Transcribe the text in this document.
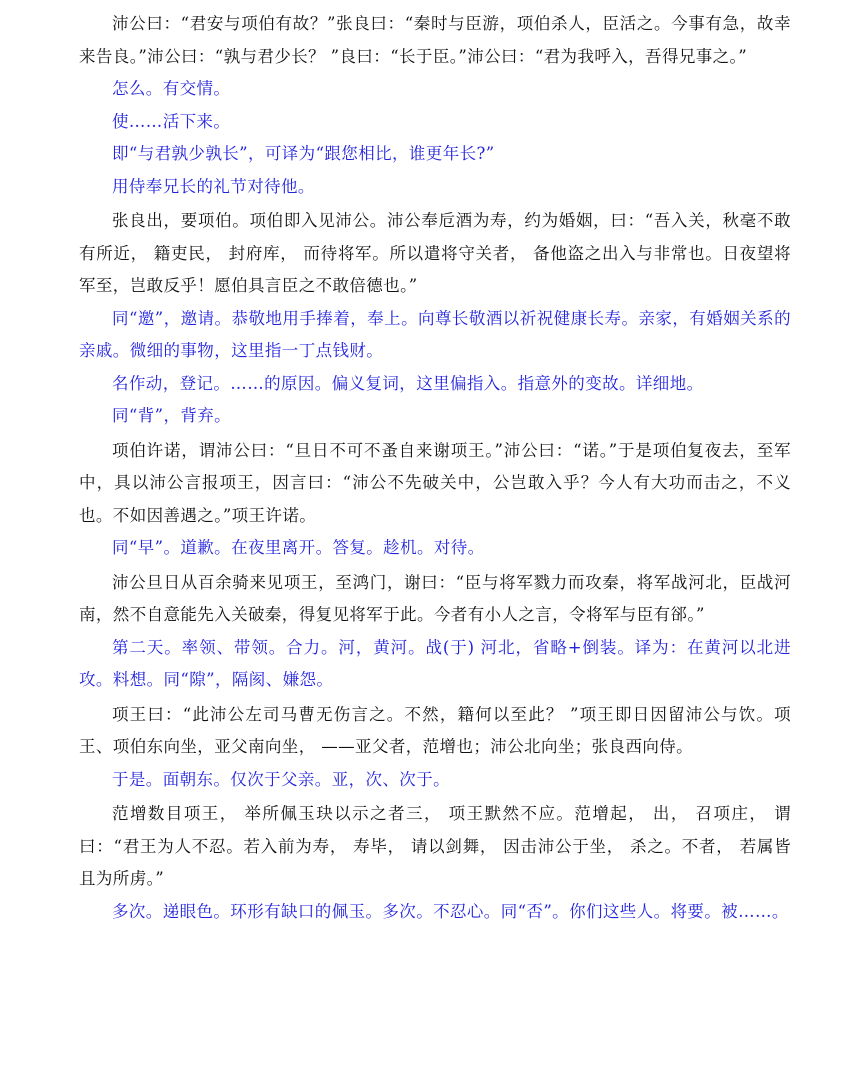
沛公曰：“君安与项伯有故？”张良曰：“秦时与臣游，项伯杀人，臣活之。今事有急，故幸来告良。”沛公曰：“孰与君少长？ ”良曰：“长于臣。”沛公曰：“君为我呼入，吾得兄事之。”

怎么。有交情。

使……活下来。

即“与君孰少孰长”，可译为“跟您相比，谁更年长?”

用侍奉兄长的礼节对待他。

张良出，要项伯。项伯即入见沛公。沛公奉卮酒为寿，约为婚姻，曰：“吾入关，秋毫不敢有所近， 籍吏民， 封府库， 而待将军。所以遣将守关者， 备他盗之出入与非常也。日夜望将军至，岂敢反乎！愿伯具言臣之不敢倍德也。”

同“邀”，邀请。恭敬地用手捧着，奉上。向尊长敬酒以祈祝健康长寿。亲家，有婚姻关系的亲戚。微细的事物，这里指一丁点钱财。

名作动，登记。……的原因。偏义复词，这里偏指入。指意外的变故。详细地。

同“背”，背弃。

项伯许诺，谓沛公曰：“旦日不可不蚤自来谢项王。”沛公曰：“诺。”于是项伯复夜去，至军中，具以沛公言报项王，因言曰：“沛公不先破关中，公岂敢入乎？今人有大功而击之，不义也。不如因善遇之。”项王许诺。

同“早”。道歉。在夜里离开。答复。趁机。对待。

沛公旦日从百余骑来见项王，至鸿门，谢曰：“臣与将军戮力而攻秦，将军战河北，臣战河南，然不自意能先入关破秦，得复见将军于此。今者有小人之言，令将军与臣有郤。”

第二天。率领、带领。合力。河，黄河。战(于) 河北，省略+倒装。译为：在黄河以北进攻。料想。同“隙”，隔阂、嫌怨。

项王曰：“此沛公左司马曹无伤言之。不然，籍何以至此？ ”项王即日因留沛公与饮。项王、项伯东向坐，亚父南向坐， ——亚父者，范增也；沛公北向坐；张良西向侍。

于是。面朝东。仅次于父亲。亚，次、次于。

范增数目项王， 举所佩玉玦以示之者三， 项王默然不应。范增起， 出， 召项庄， 谓曰：“君王为人不忍。若入前为寿， 寿毕， 请以剑舞， 因击沛公于坐， 杀之。不者， 若属皆且为所虏。”

多次。递眼色。环形有缺口的佩玉。多次。不忍心。同“否”。你们这些人。将要。被……。
